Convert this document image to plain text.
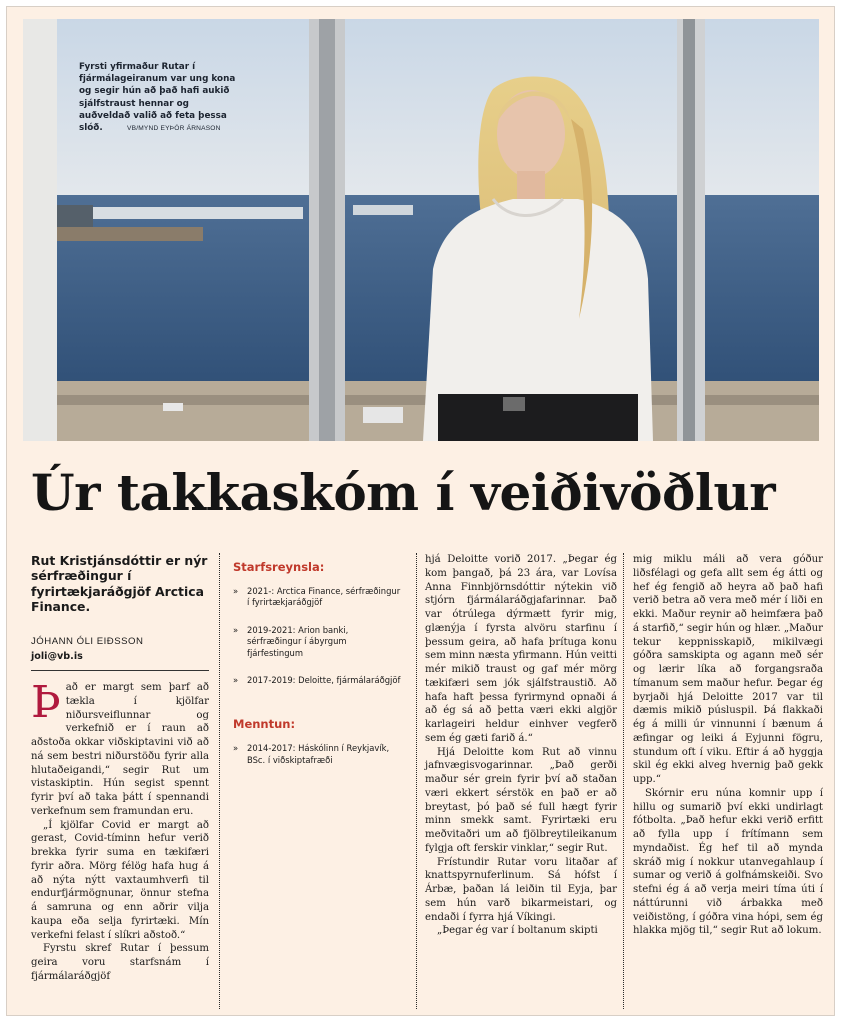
Fyrsti yfirmaður Rutar í fjármálageiranum var ung kona og segir hún að það hafi aukið sjálfstraust hennar og auðveldað valið að feta þessa slóð.	VB/MYND EYÞÓR ÁRNASON
Úr takkaskóm í veiðivöðlur
Rut Kristjánsdóttir er nýr sérfræðingur í fyrirtækjaráðgjöf Arctica Finance.
JÓHANN ÓLI EIÐSSON
joli@vb.is

Það er margt sem þarf að tækla í kjölfar niðursveiflunnar og verkefnið er í raun að aðstoða okkar viðskiptavini við að ná sem bestri niðurstöðu fyrir alla hlutaðeigandi,“ segir Rut um vistaskiptin. Hún segist spennt fyrir því að taka þátt í spennandi verkefnum sem framundan eru.

„Í kjölfar Covid er margt að gerast, Covid-tíminn hefur verið brekka fyrir suma en tækifæri fyrir aðra. Mörg félög hafa hug á að nýta nýtt vaxtaumhverfi til endurfjármögnunar, önnur stefna á samruna og enn aðrir vilja kaupa eða selja fyrirtæki. Mín verkefni felast í slíkri aðstoð.“

Fyrstu skref Rutar í þessum geira voru starfsnám í fjármálaráðgjöf

Starfsreynsla:
» 2021-: Arctica Finance, sérfræðingur í fyrirtækjaráðgjöf
» 2019-2021: Arion banki, sérfræðingur í ábyrgum fjárfestingum
» 2017-2019: Deloitte, fjármálaráðgjöf
Menntun:
» 2014-2017: Háskólinn í Reykjavík, BSc. í viðskiptafræði

hjá Deloitte vorið 2017. „Þegar ég kom þangað, þá 23 ára, var Lovísa Anna Finnbjörnsdóttir nýtekin við stjórn fjármálaráðgjafarinnar. Það var ótrúlega dýrmætt fyrir mig, glænýja í fyrsta alvöru starfinu í þessum geira, að hafa þrítuga konu sem minn næsta yfirmann. Hún veitti mér mikið traust og gaf mér mörg tækifæri sem jók sjálfstraustið. Að hafa haft þessa fyrirmynd opnaði á að ég sá að þetta væri ekki algjör karlageiri heldur einhver vegferð sem ég gæti farið á.“

Hjá Deloitte kom Rut að vinnu jafnvægisvogarinnar. „Það gerði maður sér grein fyrir því að staðan væri ekkert sérstök en það er að breytast, þó það sé full hægt fyrir minn smekk samt. Fyrirtæki eru meðvitaðri um að fjölbreytileikanum fylgja oft ferskir vinklar,“ segir Rut.

Frístundir Rutar voru litaðar af knattspyrnuferlinum. Sá hófst í Árbæ, þaðan lá leiðin til Eyja, þar sem hún varð bikarmeistari, og endaði í fyrra hjá Víkingi.

„Þegar ég var í boltanum skipti

mig miklu máli að vera góður liðsfélagi og gefa allt sem ég átti og hef ég fengið að heyra að það hafi verið betra að vera með mér í liði en ekki. Maður reynir að heimfæra það á starfið,“ segir hún og hlær. „Maður tekur keppnisskapið, mikilvægi góðra samskipta og agann með sér og lærir líka að forgangsraða tímanum sem maður hefur. Þegar ég byrjaði hjá Deloitte 2017 var til dæmis mikið púsluspil. Þá flakkaði ég á milli úr vinnunni í bænum á æfingar og leiki á Eyjunni fögru, stundum oft í viku. Eftir á að hyggja skil ég ekki alveg hvernig það gekk upp.“

Skórnir eru núna komnir upp í hillu og sumarið því ekki undirlagt fótbolta. „Það hefur ekki verið erfitt að fylla upp í frítímann sem myndaðist. Ég hef til að mynda skráð mig í nokkur utanvegahlaup í sumar og verið á golfnámskeiði. Svo stefni ég á að verja meiri tíma úti í náttúrunni við árbakka með veiðistöng, í góðra vina hópi, sem ég hlakka mjög til,“ segir Rut að lokum.
